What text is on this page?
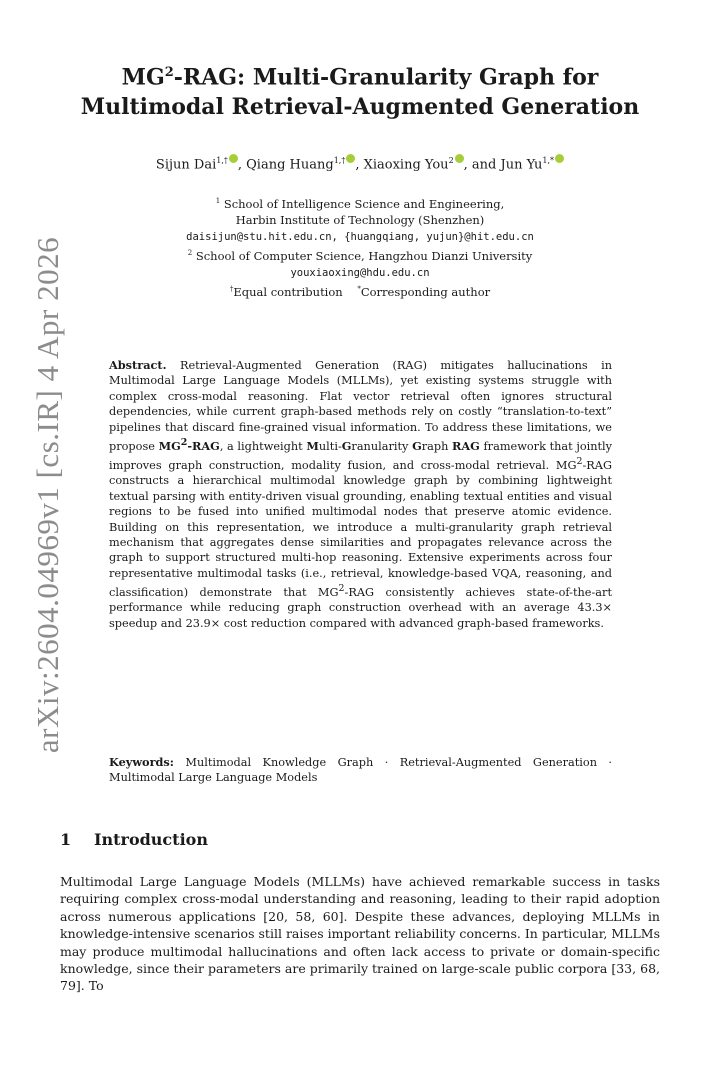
arXiv:2604.04969v1 [cs.IR] 4 Apr 2026
$MG^2$-RAG: Multi-Granularity Graph for
Multimodal Retrieval-Augmented Generation
Sijun Dai$^{1,\dagger}$ , Qiang Huang$^{1,\dagger}$ , Xiaoxing You$^2$ , and Jun $Yu^{1,*}$
$^1$ School of Intelligence Science and Engineering,
Harbin Institute of Technology (Shenzhen)
daisijun@stu.hit.edu.cn, {huangqiang, yujun}@hit.edu.cn
$^2$ School of Computer Science, Hangzhou Dianzi University
youxiaoxing@hdu.edu.cn
†Equal contribution *Corresponding author
Abstract. Retrieval-Augmented Generation (RAG) mitigates hallucinations in Multimodal Large Language Models (MLLMs), yet existing systems struggle with complex cross-modal reasoning. Flat vector retrieval often ignores structural dependencies, while current graph-based methods rely on costly “translation-to-text” pipelines that discard fine-grained visual information. To address these limitations, we propose $MG^2$-RAG, a lightweight Multi-Granularity Graph RAG framework that jointly improves graph construction, modality fusion, and cross-modal retrieval. $MG^2$-RAG constructs a hierarchical multimodal knowledge graph by combining lightweight textual parsing with entity-driven visual grounding, enabling textual entities and visual regions to be fused into unified multimodal nodes that preserve atomic evidence. Building on this representation, we introduce a multi-granularity graph retrieval mechanism that aggregates dense similarities and propagates relevance across the graph to support structured multi-hop reasoning. Extensive experiments across four representative multimodal tasks (i.e., retrieval, knowledge-based VQA, reasoning, and classification) demonstrate that $MG^2$-RAG consistently achieves state-of-the-art performance while reducing graph construction overhead with an average 43.3× speedup and 23.9× cost reduction compared with advanced graph-based frameworks.
Keywords: Multimodal Knowledge Graph · Retrieval-Augmented Generation · Multimodal Large Language Models
1 Introduction
Multimodal Large Language Models (MLLMs) have achieved remarkable success in tasks requiring complex cross-modal understanding and reasoning, leading to their rapid adoption across numerous applications [20, 58, 60]. Despite these advances, deploying MLLMs in knowledge-intensive scenarios still raises important reliability concerns. In particular, MLLMs may produce multimodal hallucinations and often lack access to private or domain-specific knowledge, since their parameters are primarily trained on large-scale public corpora [33, 68, 79]. To
